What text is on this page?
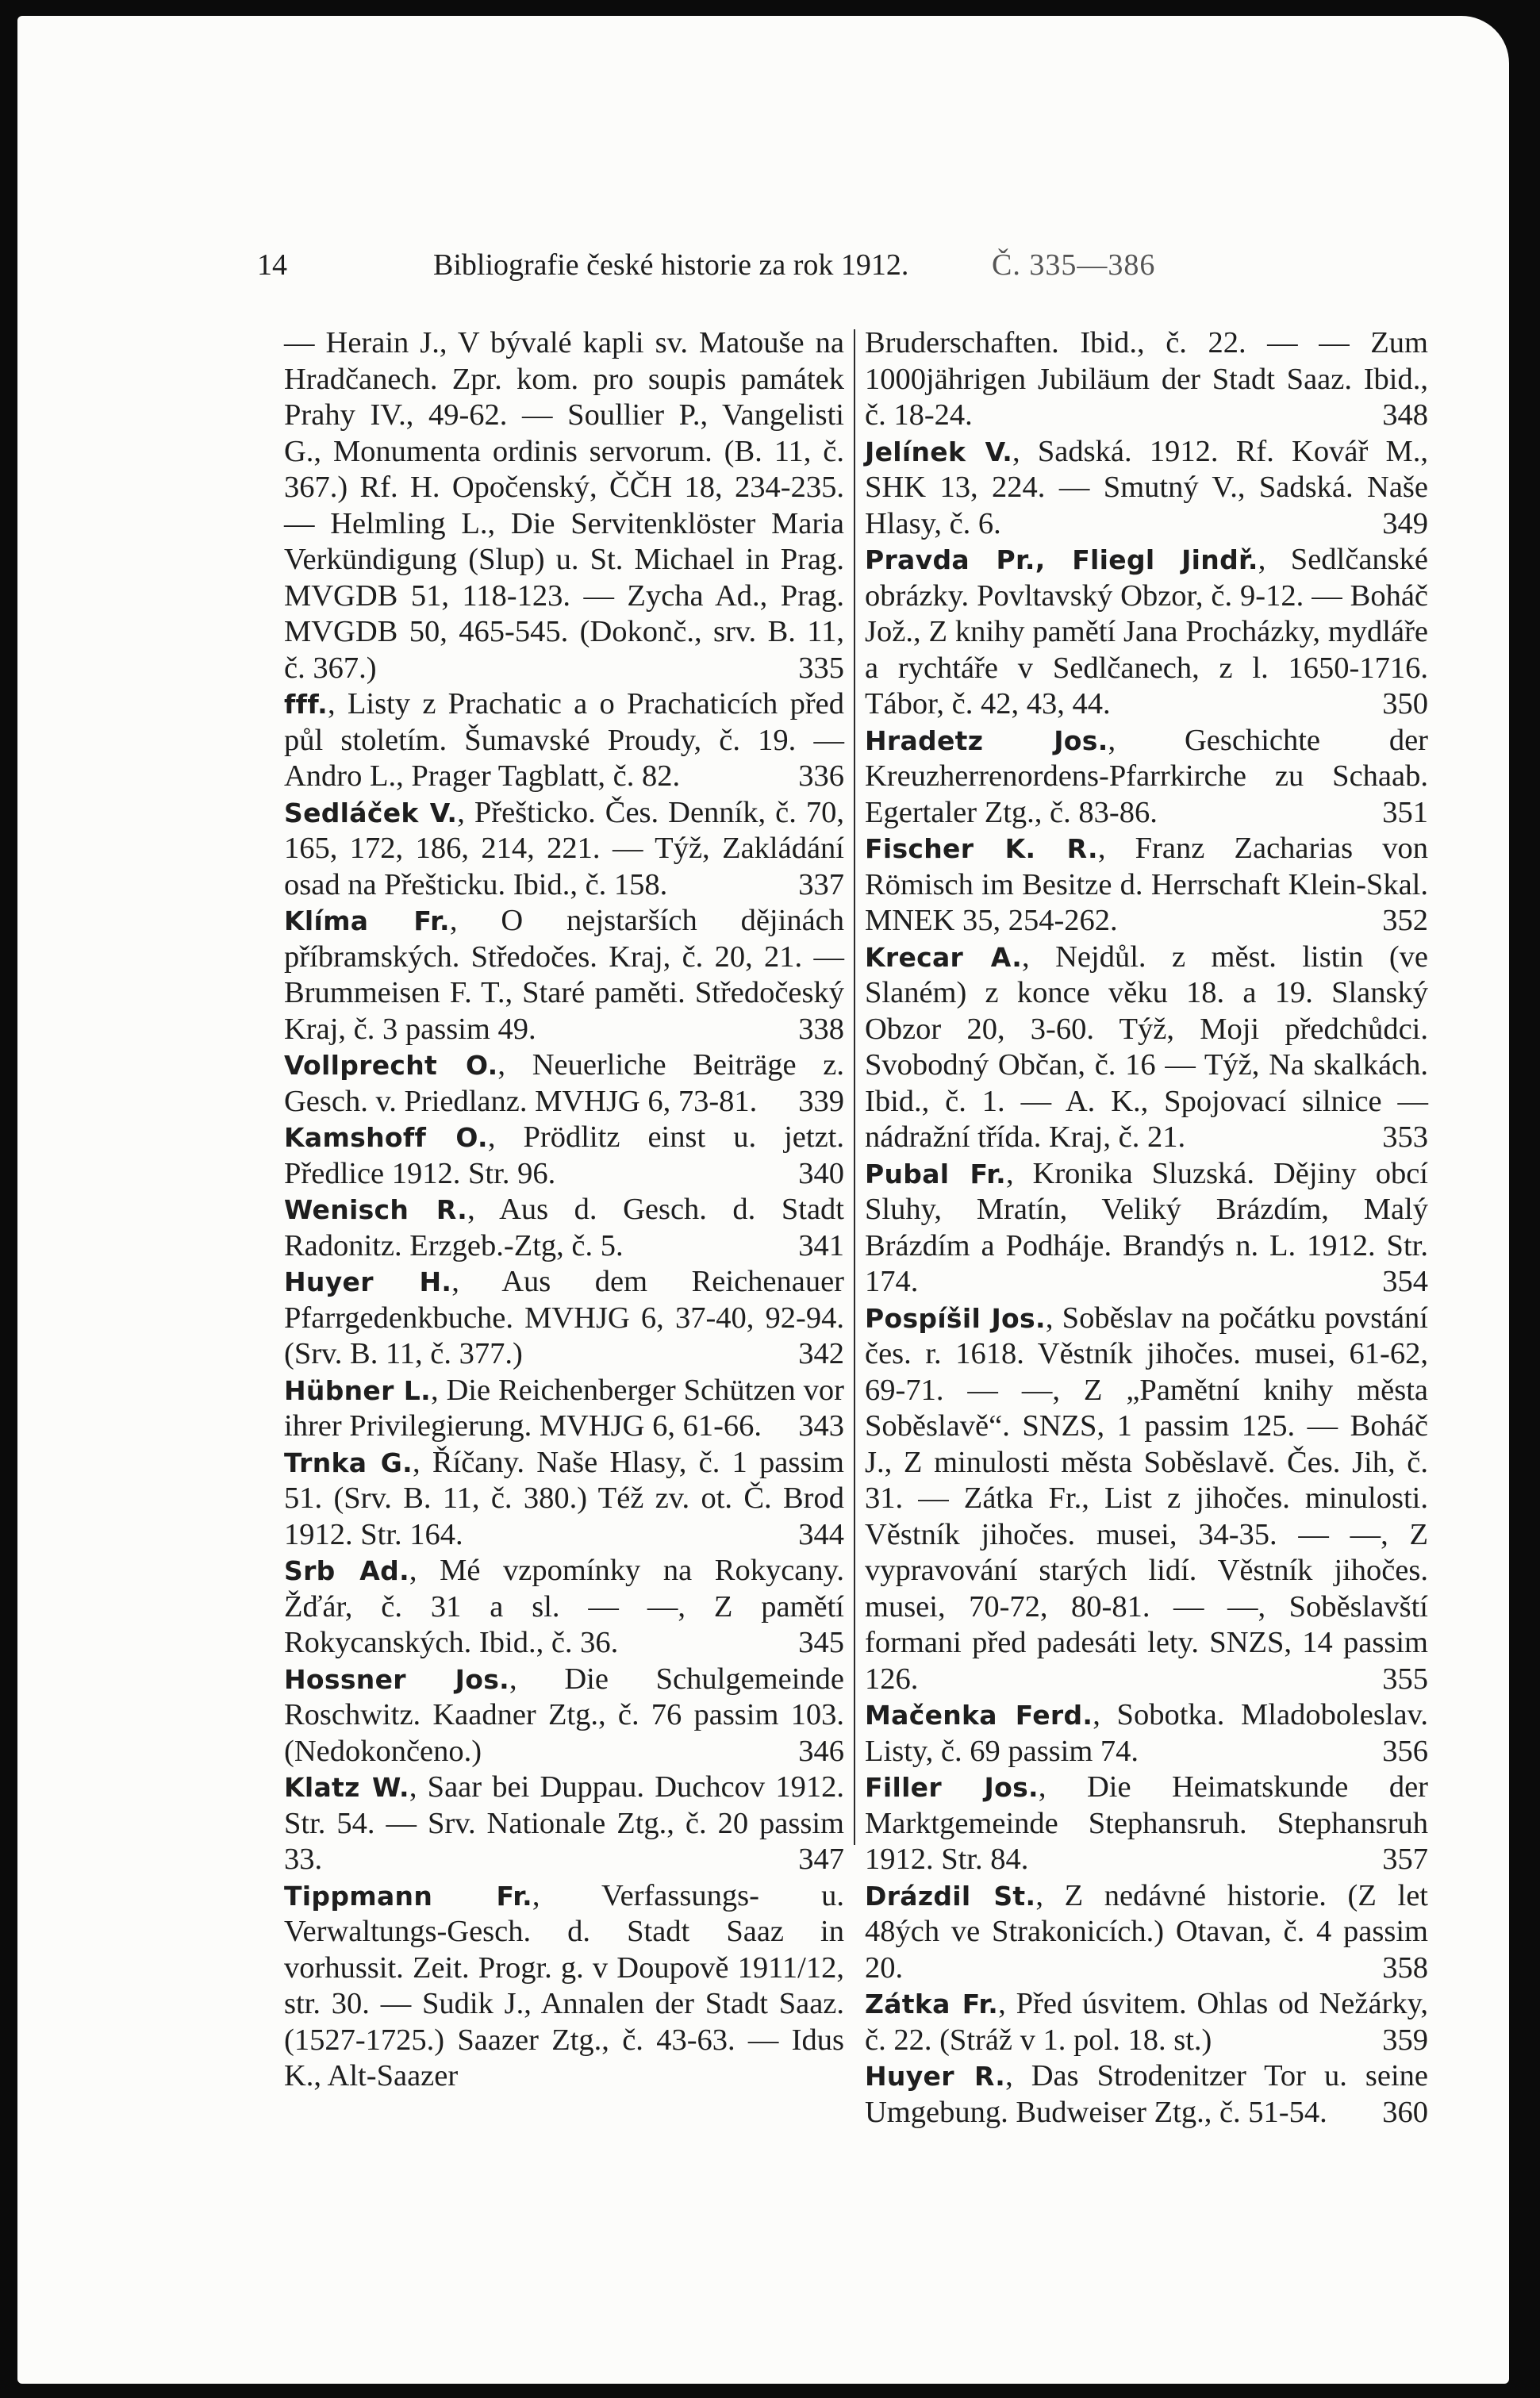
14	Bibliografie české historie za rok 1912.	Č. 335—386

— Herain J., V bývalé kapli sv. Matouše na Hradčanech. Zpr. kom. pro soupis památek Prahy IV., 49-62. — Soullier P., Vangelisti G., Monumenta ordinis servorum. (B. 11, č. 367.) Rf. H. Opočenský, ČČH 18, 234-235. — Helmling L., Die Servitenklöster Maria Verkündigung (Slup) u. St. Michael in Prag. MVGDB 51, 118-123. — Zycha Ad., Prag. MVGDB 50, 465-545. (Dokonč., srv. B. 11, č. 367.)	335

fff., Listy z Prachatic a o Prachaticích před půl stoletím. Šumavské Proudy, č. 19. — Andro L., Prager Tagblatt, č. 82.	336

Sedláček V., Přešticko. Čes. Denník, č. 70, 165, 172, 186, 214, 221. — Týž, Zakládání osad na Přešticku. Ibid., č. 158.	337

Klíma Fr., O nejstarších dějinách příbramských. Středočes. Kraj, č. 20, 21. — Brummeisen F. T., Staré paměti. Středočeský Kraj, č. 3 passim 49.	338

Vollprecht O., Neuerliche Beiträge z. Gesch. v. Priedlanz. MVHJG 6, 73-81.	339

Kamshoff O., Prödlitz einst u. jetzt. Předlice 1912. Str. 96.	340

Wenisch R., Aus d. Gesch. d. Stadt Radonitz. Erzgeb.-Ztg, č. 5.	341

Huyer H., Aus dem Reichenauer Pfarrgedenkbuche. MVHJG 6, 37-40, 92-94. (Srv. B. 11, č. 377.)	342

Hübner L., Die Reichenberger Schützen vor ihrer Privilegierung. MVHJG 6, 61-66.	343

Trnka G., Říčany. Naše Hlasy, č. 1 passim 51. (Srv. B. 11, č. 380.) Též zv. ot. Č. Brod 1912. Str. 164.	344

Srb Ad., Mé vzpomínky na Rokycany. Žďár, č. 31 a sl. — —, Z pamětí Rokycanských. Ibid., č. 36.	345

Hossner Jos., Die Schulgemeinde Roschwitz. Kaadner Ztg., č. 76 passim 103. (Nedokončeno.)	346

Klatz W., Saar bei Duppau. Duchcov 1912. Str. 54. — Srv. Nationale Ztg., č. 20 passim 33.	347

Tippmann Fr., Verfassungs- u. Verwaltungs-Gesch. d. Stadt Saaz in vorhussit. Zeit. Progr. g. v Doupově 1911/12, str. 30. — Sudik J., Annalen der Stadt Saaz. (1527-1725.) Saazer Ztg., č. 43-63. — Idus K., Alt-Saazer

Bruderschaften. Ibid., č. 22. — — Zum 1000jährigen Jubiläum der Stadt Saaz. Ibid., č. 18-24.	348

Jelínek V., Sadská. 1912. Rf. Kovář M., SHK 13, 224. — Smutný V., Sadská. Naše Hlasy, č. 6.	349

Pravda Pr., Fliegl Jindř., Sedlčanské obrázky. Povltavský Obzor, č. 9-12. — Boháč Jož., Z knihy pamětí Jana Procházky, mydláře a rychtáře v Sedlčanech, z l. 1650-1716. Tábor, č. 42, 43, 44.	350

Hradetz Jos., Geschichte der Kreuzherrenordens-Pfarrkirche zu Schaab. Egertaler Ztg., č. 83-86.	351

Fischer K. R., Franz Zacharias von Römisch im Besitze d. Herrschaft Klein-Skal. MNEK 35, 254-262.	352

Krecar A., Nejdůl. z měst. listin (ve Slaném) z konce věku 18. a 19. Slanský Obzor 20, 3-60. Týž, Moji předchůdci. Svobodný Občan, č. 16 — Týž, Na skalkách. Ibid., č. 1. — A. K., Spojovací silnice — nádražní třída. Kraj, č. 21.	353

Pubal Fr., Kronika Sluzská. Dějiny obcí Sluhy, Mratín, Veliký Brázdím, Malý Brázdím a Podháje. Brandýs n. L. 1912. Str. 174.	354

Pospíšil Jos., Soběslav na počátku povstání čes. r. 1618. Věstník jihočes. musei, 61-62, 69-71. — —, Z „Pamětní knihy města Soběslavě“. SNZS, 1 passim 125. — Boháč J., Z minulosti města Soběslavě. Čes. Jih, č. 31. — Zátka Fr., List z jihočes. minulosti. Věstník jihočes. musei, 34-35. — —, Z vypravování starých lidí. Věstník jihočes. musei, 70-72, 80-81. — —, Soběslavští formani před padesáti lety. SNZS, 14 passim 126.	355

Mačenka Ferd., Sobotka. Mladoboleslav. Listy, č. 69 passim 74.	356

Filler Jos., Die Heimatskunde der Marktgemeinde Stephansruh. Stephansruh 1912. Str. 84.	357

Drázdil St., Z nedávné historie. (Z let 48ých ve Strakonicích.) Otavan, č. 4 passim 20.	358

Zátka Fr., Před úsvitem. Ohlas od Nežárky, č. 22. (Stráž v 1. pol. 18. st.)	359

Huyer R., Das Strodenitzer Tor u. seine Umgebung. Budweiser Ztg., č. 51-54.	360
